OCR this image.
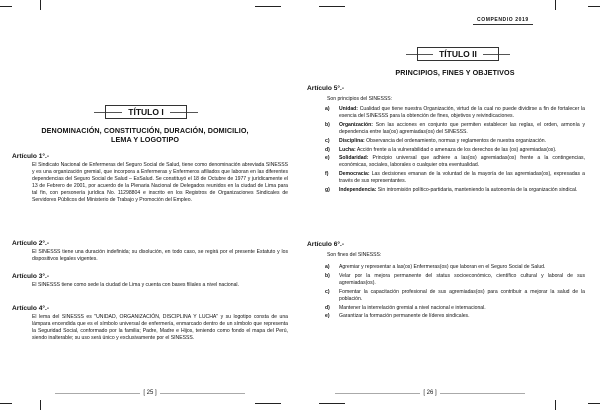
TÍTULO I
DENOMINACIÓN, CONSTITUCIÓN, DURACIÓN, DOMICILIO, LEMA Y LOGOTIPO
Artículo 1°.-
El Sindicato Nacional de Enfermeras del Seguro Social de Salud, tiene como denominación abreviada SINESSS y es una organización gremial, que incorpora a Enfermeras y Enfermeros afiliados que laboran en las diferentes dependencias del Seguro Social de Salud – EsSalud. Se constituyó el 18 de Octubre de 1977 y jurídicamente el 13 de Febrero de 2001, por acuerdo de la Plenaria Nacional de Delegados reunidos en la ciudad de Lima para tal fin, con personería jurídica No. 11298804 e inscrito en los Registros de Organizaciones Sindicales de Servidores Públicos del Ministerio de Trabajo y Promoción del Empleo.
Artículo 2°.-
El SINESSS tiene una duración indefinida; su disolución, en todo caso, se regirá por el presente Estatuto y los dispositivos legales vigentes.
Artículo 3°.-
El SINESSS tiene como sede la ciudad de Lima y cuenta con bases filiales a nivel nacional.
Artículo 4°.-
El lema del SINESSS es "UNIDAD, ORGANIZACIÓN, DISCIPLINA Y LUCHA" y su logotipo consta de una lámpara encendida que es el símbolo universal de enfermería, enmarcado dentro de un símbolo que representa la Seguridad Social, conformado por la familia; Padre, Madre e Hijos, teniendo como fondo el mapa del Perú, siendo inalterable; su uso será único y exclusivamente por el SINESSS.
[ 25 ]
COMPENDIO 2019
TÍTULO II
PRINCIPIOS, FINES Y OBJETIVOS
Artículo 5°.-
Son principios del SINESSS:
a) Unidad: Cualidad que tiene nuestra Organización, virtud de la cual no puede dividirse a fin de fortalecer la esencia del SINESSS para la obtención de fines, objetivos y reivindicaciones.
b) Organización: Son las acciones en conjunto que permiten establecer las reglas, el orden, armonía y dependencia entre las(os) agremiadas(os) del SINESSS.
c) Disciplina: Observancia del ordenamiento, normas y reglamentos de nuestra organización.
d) Lucha: Acción frente a la vulnerabilidad o amenaza de los derechos de las (os) agremiadas(os).
e) Solidaridad: Principio universal que adhiere a las(os) agremiadas(os) frente a la contingencias, económicas, sociales, laborales o cualquier otra eventualidad.
f) Democracia: Las decisiones emanan de la voluntad de la mayoría de las agremiadas(os), expresadas a través de sus representantes.
g) Independencia: Sin intromisión político-partidaria, manteniendo la autonomía de la organización sindical.
Artículo 6°.-
Son fines del SINESSS:
a) Agremiar y representar a las(os) Enfermeras(os) que laboran en el Seguro Social de Salud.
b) Velar por la mejora permanente del status socioeconómico, científico cultural y laboral de sus agremiadas(os).
c) Fomentar la capacitación profesional de sus agremiadas(os) para contribuir a mejorar la salud de la población.
d) Mantener la interrelación gremial a nivel nacional e internacional.
e) Garantizar la formación permanente de líderes sindicales.
[ 26 ]
